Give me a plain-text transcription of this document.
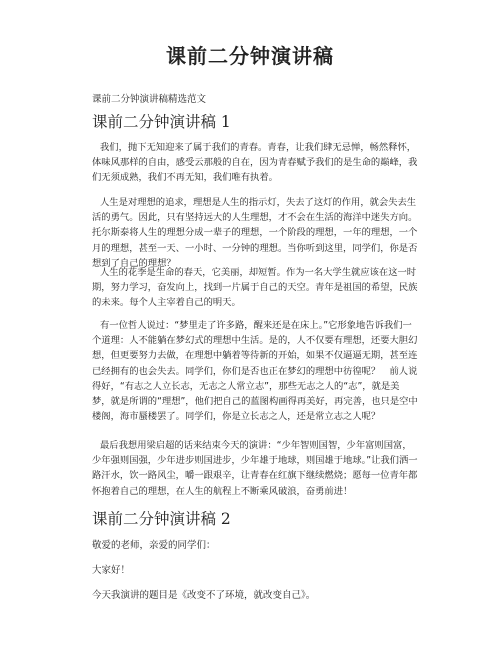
课前二分钟演讲稿
课前二分钟演讲稿精选范文
课前二分钟演讲稿 1
我们，抛下无知迎来了属于我们的青春。青春，让我们肆无忌惮，畅然释怀，体味风那样的自由，感受云那般的自在，因为青春赋予我们的是生命的巅峰，我们无须成熟，我们不再无知，我们唯有执着。
人生是对理想的追求，理想是人生的指示灯，失去了这灯的作用，就会失去生活的勇气。因此，只有坚持远大的人生理想，才不会在生活的海洋中迷失方向。托尔斯泰将人生的理想分成一辈子的理想，一个阶段的理想，一年的理想，一个月的理想，甚至一天、一小时、一分钟的理想。当你听到这里，同学们，你是否想到了自己的理想？
人生的花季是生命的春天，它美丽，却短暂。作为一名大学生就应该在这一时期，努力学习，奋发向上，找到一片属于自己的天空。青年是祖国的希望，民族的未来。每个人主宰着自己的明天。
有一位哲人说过：“梦里走了许多路，醒来还是在床上。”它形象地告诉我们一个道理：人不能躺在梦幻式的理想中生活。是的，人不仅要有理想，还要大胆幻想，但更要努力去做，在理想中躺着等待新的开始，如果不仅逼逼无期，甚至连已经拥有的也会失去。同学们，你们是否也正在梦幻的理想中彷徨呢？　前人说得好，“有志之人立长志，无志之人常立志”，那些无志之人的“志”，就是美梦，就是所谓的“理想”，他们把自己的蓝图构画得再美好，再完善，也只是空中楼阁，海市蜃楼罢了。同学们，你是立长志之人，还是常立志之人呢？
最后我想用梁启超的话来结束今天的演讲：“少年智则国智，少年富则国富，少年强则国强，少年进步则国进步，少年雄于地球，则国雄于地球。”让我们洒一路汗水，饮一路风尘，嚼一跟艰辛，让青春在红旗下继续燃烧；愿每一位青年都怀抱着自己的理想，在人生的航程上不断乘风破浪，奋勇前进！
课前二分钟演讲稿 2
敬爱的老师，亲爱的同学们：
大家好！
今天我演讲的题目是《改变不了环境，就改变自己》。
